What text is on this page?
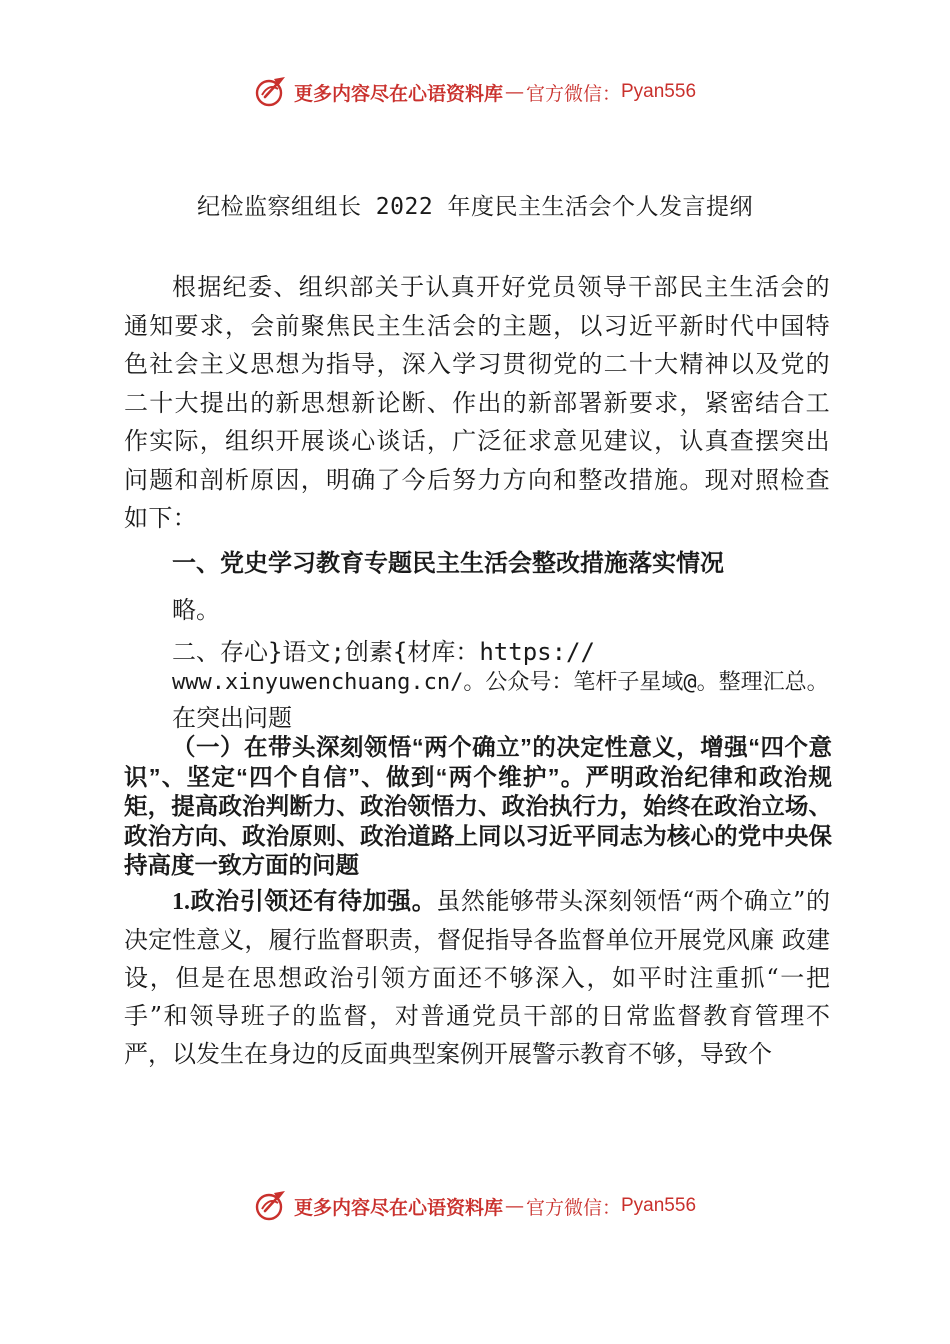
更多内容尽在心语资料库 — 官方微信： Pyan556
纪检监察组组长 2022 年度民主生活会个人发言提纲
根据纪委、组织部关于认真开好党员领导干部民主生活会的通知要求，会前聚焦民主生活会的主题，以习近平新时代中国特色社会主义思想为指导，深入学习贯彻党的二十大精神以及党的二十大提出的新思想新论断、作出的新部署新要求，紧密结合工作实际，组织开展谈心谈话，广泛征求意见建议，认真查摆突出问题和剖析原因，明确了今后努力方向和整改措施。现对照检查如下：
一、党史学习教育专题民主生活会整改措施落实情况
略。
二、存心}语文;创素{材库：https://
www.xinyuwenchuang.cn/。公众号：笔杆子星域@。整理汇总。
在突出问题
（一）在带头深刻领悟“两个确立”的决定性意义，增强“四个意识”、坚定“四个自信”、做到“两个维护”。严明政治纪律和政治规矩，提高政治判断力、政治领悟力、政治执行力，始终在政治立场、政治方向、政治原则、政治道路上同以习近平同志为核心的党中央保持高度一致方面的问题
1.政治引领还有待加强。虽然能够带头深刻领悟“两个确立”的决定性意义，履行监督职责，督促指导各监督单位开展党风廉 政建设，但是在思想政治引领方面还不够深入，如平时注重抓“一把手”和领导班子的监督，对普通党员干部的日常监督教育管理不严，以发生在身边的反面典型案例开展警示教育不够，导致个
更多内容尽在心语资料库 — 官方微信： Pyan556
